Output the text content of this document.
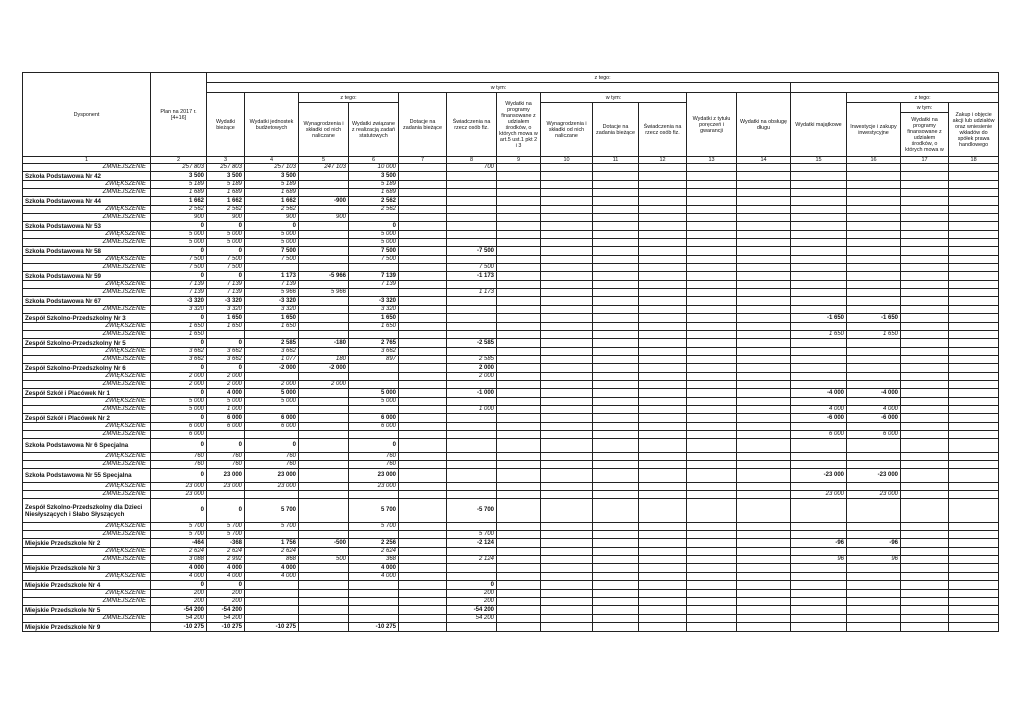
Dysponent	Plan na 2017 r. [4+16]	z tego:															
		w tym:															
		Wydatki bieżące	Wydatki jednostek budżetowych	z tego:		Dotacje na zadania bieżące	Świadczenia na rzecz osób fiz.	Wydatki na programy finansowane z udziałem środków, o których mowa w art.5 ust.1 pkt 2 i 3	w tym:			Wydatki z tytułu poręczeń i gwarancji	Wydatki na obsługę długu	Wydatki majątkowe	z tego:		
				Wynagrodzenia i składki od nich naliczane	Wydatki związane z realizacją zadań statutowych				Wynagrodzenia i składki od nich naliczane	Dotacje na zadania bieżące	Świadczenia na rzecz osób fiz.				Inwestycje i zakupy inwestycyjne	w tym:	Zakup i objęcie akcji lub udziałów oraz wniesienie wkładów do spółek prawa handlowego
																Wydatki na programy finansowane z udziałem środków, o których mowa w	
1	2	3	4	5	6	7	8	9	10	11	12	13	14	15	16	17	18
ZMNIEJSZENIE	257 803	257 803	257 103	247 103	10 000		700										
Szkoła Podstawowa Nr 42	3 500	3 500	3 500		3 500												
ZWIĘKSZENIE	5 189	5 189	5 189		5 189												
ZMNIEJSZENIE	1 689	1 689	1 689		1 689												
Szkoła Podstawowa Nr 44	1 662	1 662	1 662	-900	2 562												
ZWIĘKSZENIE	2 562	2 562	2 562		2 562												
ZMNIEJSZENIE	900	900	900	900													
Szkoła Podstawowa Nr 53	0	0	0		0												
ZWIĘKSZENIE	5 000	5 000	5 000		5 000												
ZMNIEJSZENIE	5 000	5 000	5 000		5 000												
Szkoła Podstawowa Nr 58	0	0	7 500		7 500		-7 500										
ZWIĘKSZENIE	7 500	7 500	7 500		7 500												
ZMNIEJSZENIE	7 500	7 500					7 500										
Szkoła Podstawowa Nr 59	0	0	1 173	-5 966	7 139		-1 173										
ZWIĘKSZENIE	7 139	7 139	7 139		7 139												
ZMNIEJSZENIE	7 139	7 139	5 966	5 966			1 173										
Szkoła Podstawowa Nr 67	-3 320	-3 320	-3 320		-3 320												
ZMNIEJSZENIE	3 320	3 320	3 320		3 320												
Zespół Szkolno-Przedszkolny Nr 3	0	1 650	1 650		1 650									-1 650	-1 650		
ZWIĘKSZENIE	1 650	1 650	1 650		1 650												
ZMNIEJSZENIE	1 650													1 650	1 650		
Zespół Szkolno-Przedszkolny Nr 5	0	0	2 585	-180	2 765		-2 585										
ZWIĘKSZENIE	3 662	3 662	3 662		3 662												
ZMNIEJSZENIE	3 662	3 662	1 077	180	897		2 585										
Zespół Szkolno-Przedszkolny Nr 6	0	0	-2 000	-2 000			2 000										
ZWIĘKSZENIE	2 000	2 000					2 000										
ZMNIEJSZENIE	2 000	2 000	2 000	2 000													
Zespół Szkół i Placówek Nr 1	0	4 000	5 000		5 000		-1 000							-4 000	-4 000		
ZWIĘKSZENIE	5 000	5 000	5 000		5 000												
ZMNIEJSZENIE	5 000	1 000					1 000							4 000	4 000		
Zespół Szkół i Placówek Nr 2	0	6 000	6 000		6 000									-6 000	-6 000		
ZWIĘKSZENIE	6 000	6 000	6 000		6 000												
ZMNIEJSZENIE	6 000													6 000	6 000		
Szkoła Podstawowa Nr 6 Specjalna	0	0	0		0												
ZWIĘKSZENIE	760	760	760		760												
ZMNIEJSZENIE	760	760	760		760												
Szkoła Podstawowa Nr 55 Specjalna	0	23 000	23 000		23 000									-23 000	-23 000		
ZWIĘKSZENIE	23 000	23 000	23 000		23 000												
ZMNIEJSZENIE	23 000													23 000	23 000		
Zespół Szkolno-Przedszkolny dla Dzieci Niesłyszących i Słabo Słyszących	0	0	5 700		5 700		-5 700										
ZWIĘKSZENIE	5 700	5 700	5 700		5 700												
ZMNIEJSZENIE	5 700	5 700					5 700										
Miejskie Przedszkole Nr 2	-464	-368	1 756	-500	2 256		-2 124							-96	-96		
ZWIĘKSZENIE	2 624	2 624	2 624		2 624												
ZMNIEJSZENIE	3 088	2 992	868	500	368		2 124							96	96		
Miejskie Przedszkole Nr 3	4 000	4 000	4 000		4 000												
ZWIĘKSZENIE	4 000	4 000	4 000		4 000												
Miejskie Przedszkole Nr 4	0	0					0										
ZWIĘKSZENIE	200	200					200										
ZMNIEJSZENIE	200	200					200										
Miejskie Przedszkole Nr 5	-54 200	-54 200					-54 200										
ZMNIEJSZENIE	54 200	54 200					54 200										
Miejskie Przedszkole Nr 9	-10 275	-10 275	-10 275		-10 275												
